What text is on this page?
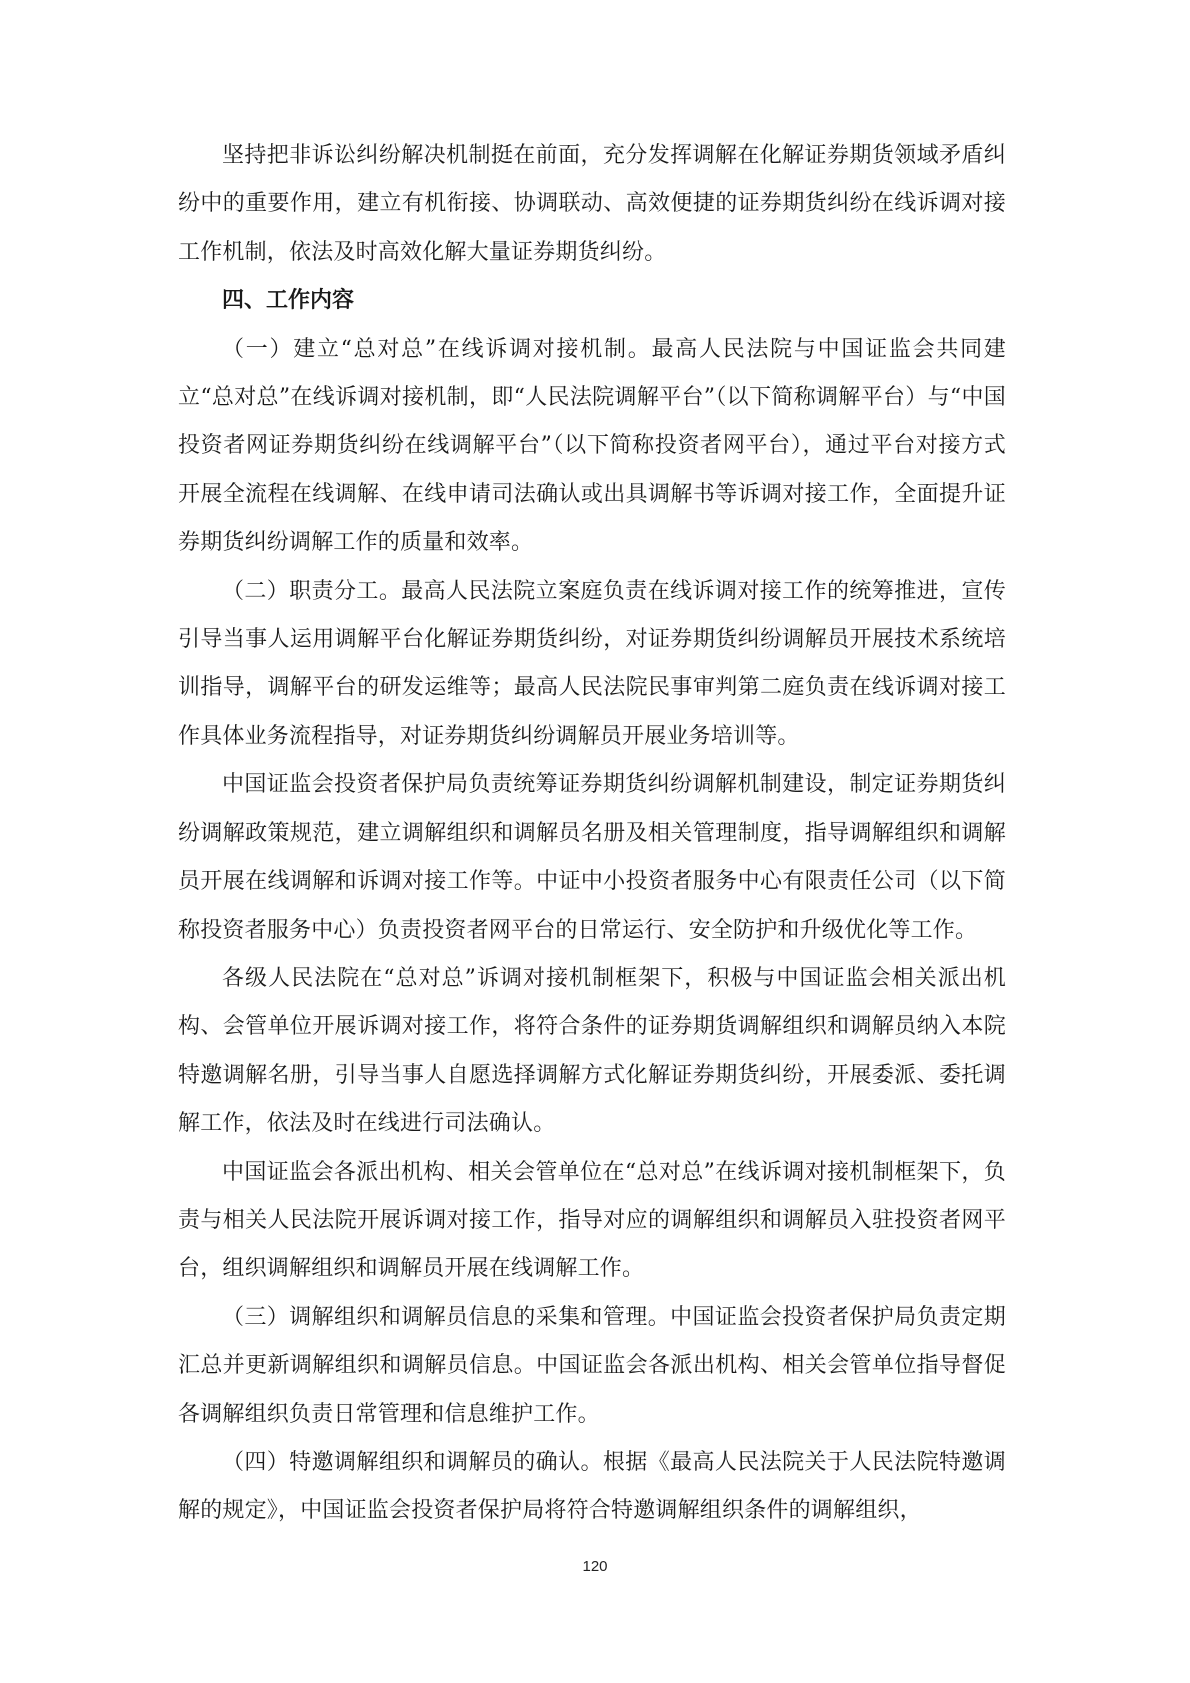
坚持把非诉讼纠纷解决机制挺在前面，充分发挥调解在化解证券期货领域矛盾纠纷中的重要作用，建立有机衔接、协调联动、高效便捷的证券期货纠纷在线诉调对接工作机制，依法及时高效化解大量证券期货纠纷。

四、工作内容

（一）建立“总对总”在线诉调对接机制。最高人民法院与中国证监会共同建立“总对总”在线诉调对接机制，即“人民法院调解平台”（以下简称调解平台）与“中国投资者网证券期货纠纷在线调解平台”（以下简称投资者网平台），通过平台对接方式开展全流程在线调解、在线申请司法确认或出具调解书等诉调对接工作，全面提升证券期货纠纷调解工作的质量和效率。

（二）职责分工。最高人民法院立案庭负责在线诉调对接工作的统筹推进，宣传引导当事人运用调解平台化解证券期货纠纷，对证券期货纠纷调解员开展技术系统培训指导，调解平台的研发运维等；最高人民法院民事审判第二庭负责在线诉调对接工作具体业务流程指导，对证券期货纠纷调解员开展业务培训等。

中国证监会投资者保护局负责统筹证券期货纠纷调解机制建设，制定证券期货纠纷调解政策规范，建立调解组织和调解员名册及相关管理制度，指导调解组织和调解员开展在线调解和诉调对接工作等。中证中小投资者服务中心有限责任公司（以下简称投资者服务中心）负责投资者网平台的日常运行、安全防护和升级优化等工作。

各级人民法院在“总对总”诉调对接机制框架下，积极与中国证监会相关派出机构、会管单位开展诉调对接工作，将符合条件的证券期货调解组织和调解员纳入本院特邀调解名册，引导当事人自愿选择调解方式化解证券期货纠纷，开展委派、委托调解工作，依法及时在线进行司法确认。

中国证监会各派出机构、相关会管单位在“总对总”在线诉调对接机制框架下，负责与相关人民法院开展诉调对接工作，指导对应的调解组织和调解员入驻投资者网平台，组织调解组织和调解员开展在线调解工作。

（三）调解组织和调解员信息的采集和管理。中国证监会投资者保护局负责定期汇总并更新调解组织和调解员信息。中国证监会各派出机构、相关会管单位指导督促各调解组织负责日常管理和信息维护工作。

（四）特邀调解组织和调解员的确认。根据《最高人民法院关于人民法院特邀调解的规定》，中国证监会投资者保护局将符合特邀调解组织条件的调解组织，

120
